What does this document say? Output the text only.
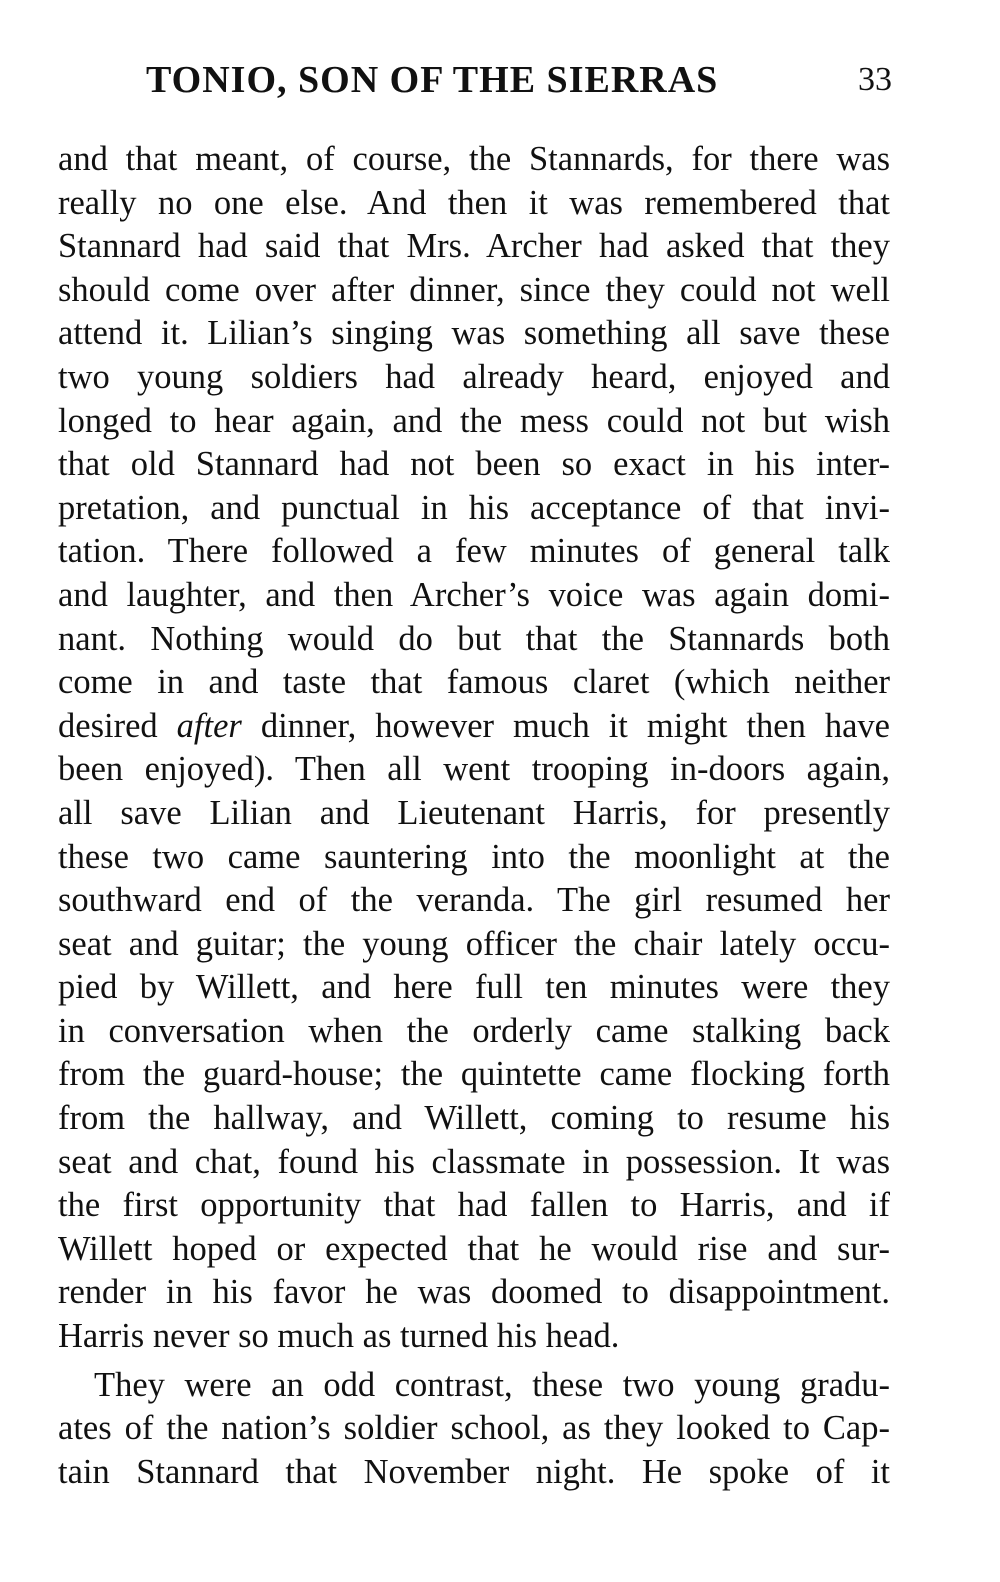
TONIO, SON OF THE SIERRAS	33
and that meant, of course, the Stannards, for there was
really no one else. And then it was remembered that
Stannard had said that Mrs. Archer had asked that they
should come over after dinner, since they could not well
attend it. Lilian’s singing was something all save these
two young soldiers had already heard, enjoyed and
longed to hear again, and the mess could not but wish
that old Stannard had not been so exact in his inter-
pretation, and punctual in his acceptance of that invi-
tation. There followed a few minutes of general talk
and laughter, and then Archer’s voice was again domi-
nant. Nothing would do but that the Stannards both
come in and taste that famous claret (which neither
desired after dinner, however much it might then have
been enjoyed). Then all went trooping in-doors again,
all save Lilian and Lieutenant Harris, for presently
these two came sauntering into the moonlight at the
southward end of the veranda. The girl resumed her
seat and guitar; the young officer the chair lately occu-
pied by Willett, and here full ten minutes were they
in conversation when the orderly came stalking back
from the guard-house; the quintette came flocking forth
from the hallway, and Willett, coming to resume his
seat and chat, found his classmate in possession. It was
the first opportunity that had fallen to Harris, and if
Willett hoped or expected that he would rise and sur-
render in his favor he was doomed to disappointment.
Harris never so much as turned his head.
They were an odd contrast, these two young gradu-
ates of the nation’s soldier school, as they looked to Cap-
tain Stannard that November night. He spoke of it
